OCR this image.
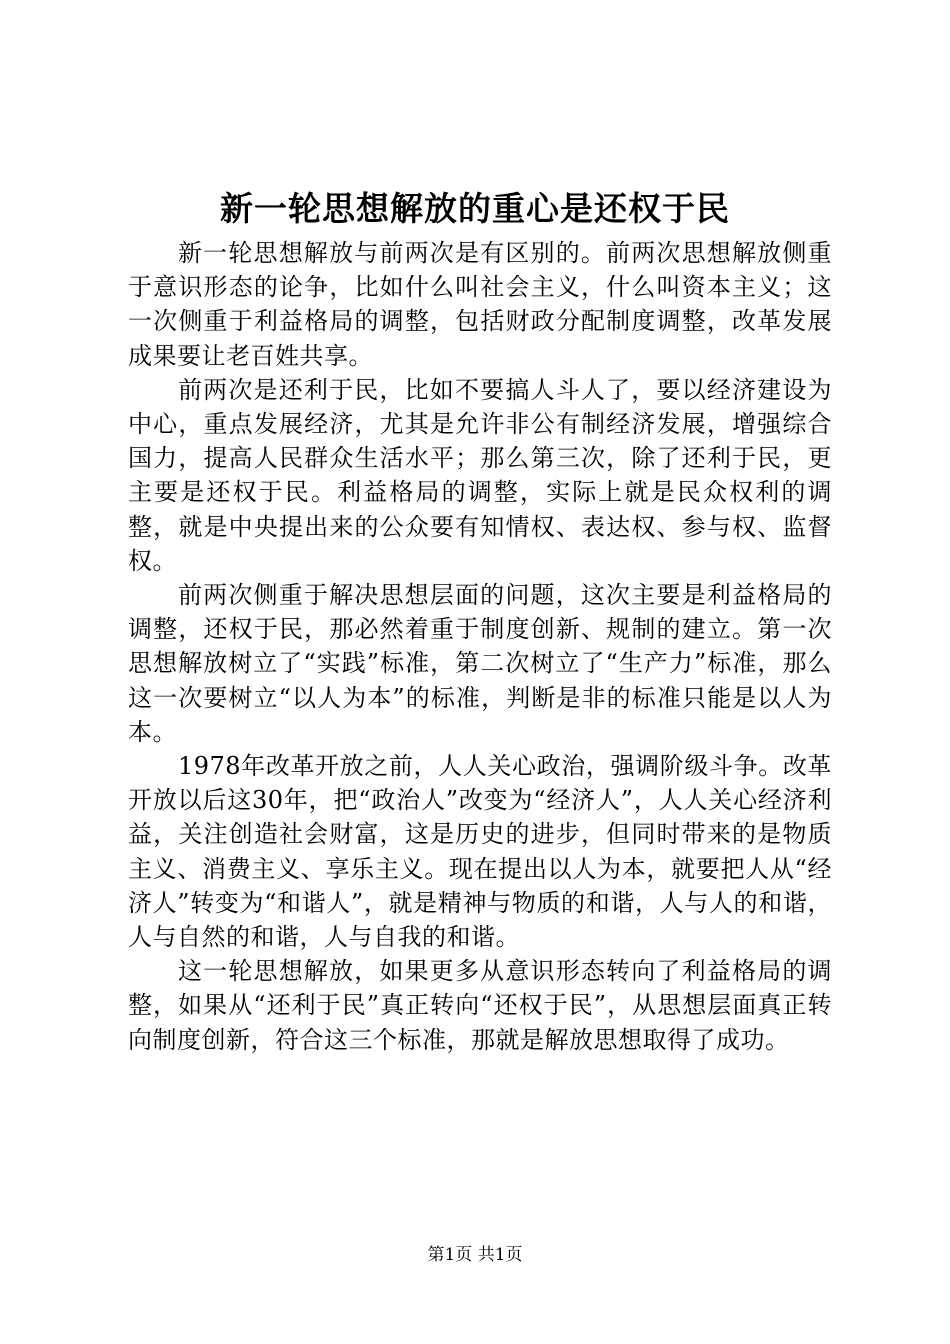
新一轮思想解放的重心是还权于民

新一轮思想解放与前两次是有区别的。前两次思想解放侧重于意识形态的论争，比如什么叫社会主义，什么叫资本主义；这一次侧重于利益格局的调整，包括财政分配制度调整，改革发展成果要让老百姓共享。

前两次是还利于民，比如不要搞人斗人了，要以经济建设为中心，重点发展经济，尤其是允许非公有制经济发展，增强综合国力，提高人民群众生活水平；那么第三次，除了还利于民，更主要是还权于民。利益格局的调整，实际上就是民众权利的调整，就是中央提出来的公众要有知情权、表达权、参与权、监督权。

前两次侧重于解决思想层面的问题，这次主要是利益格局的调整，还权于民，那必然着重于制度创新、规制的建立。第一次思想解放树立了“实践”标准，第二次树立了“生产力”标准，那么这一次要树立“以人为本”的标准，判断是非的标准只能是以人为本。

1978年改革开放之前，人人关心政治，强调阶级斗争。改革开放以后这30年，把“政治人”改变为“经济人”，人人关心经济利益，关注创造社会财富，这是历史的进步，但同时带来的是物质主义、消费主义、享乐主义。现在提出以人为本，就要把人从“经济人”转变为“和谐人”，就是精神与物质的和谐，人与人的和谐，人与自然的和谐，人与自我的和谐。

这一轮思想解放，如果更多从意识形态转向了利益格局的调整，如果从“还利于民”真正转向“还权于民”，从思想层面真正转向制度创新，符合这三个标准，那就是解放思想取得了成功。

第1页 共1页
